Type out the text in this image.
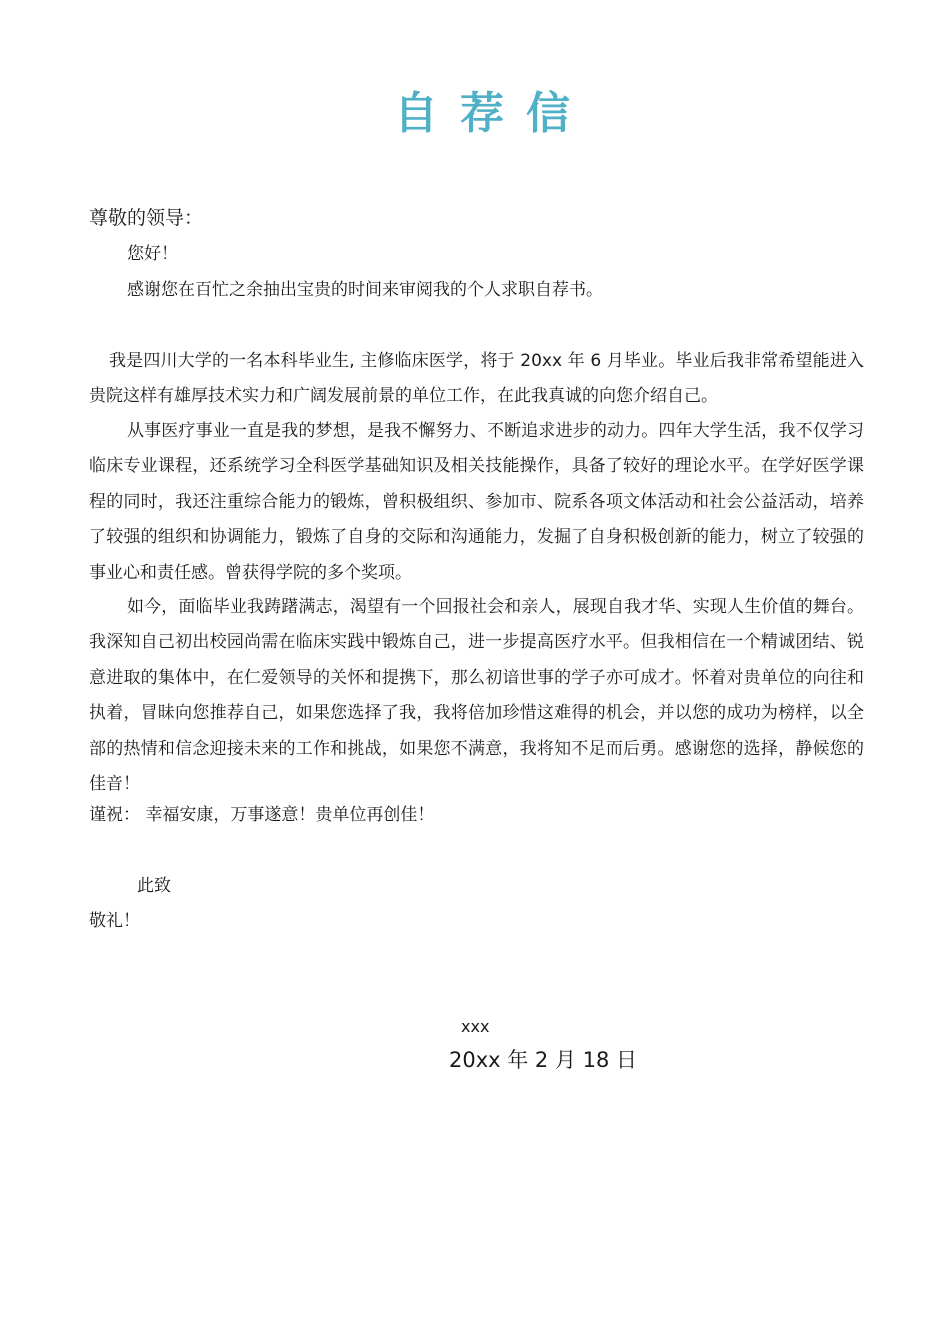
自荐信
尊敬的领导：
您好！
感谢您在百忙之余抽出宝贵的时间来审阅我的个人求职自荐书。
我是四川大学的一名本科毕业生, 主修临床医学，将于 20xx 年 6 月毕业。毕业后我非常希望能进入贵院这样有雄厚技术实力和广阔发展前景的单位工作，在此我真诚的向您介绍自己。
从事医疗事业一直是我的梦想，是我不懈努力、不断追求进步的动力。四年大学生活，我不仅学习临床专业课程，还系统学习全科医学基础知识及相关技能操作，具备了较好的理论水平。在学好医学课程的同时，我还注重综合能力的锻炼，曾积极组织、参加市、院系各项文体活动和社会公益活动，培养了较强的组织和协调能力，锻炼了自身的交际和沟通能力，发掘了自身积极创新的能力，树立了较强的事业心和责任感。曾获得学院的多个奖项。
如今，面临毕业我踌躇满志，渴望有一个回报社会和亲人，展现自我才华、实现人生价值的舞台。我深知自己初出校园尚需在临床实践中锻炼自己，进一步提高医疗水平。但我相信在一个精诚团结、锐意进取的集体中，在仁爱领导的关怀和提携下，那么初谙世事的学子亦可成才。怀着对贵单位的向往和执着，冒昧向您推荐自己，如果您选择了我，我将倍加珍惜这难得的机会，并以您的成功为榜样，以全部的热情和信念迎接未来的工作和挑战，如果您不满意，我将知不足而后勇。感谢您的选择，静候您的佳音！
谨祝： 幸福安康，万事遂意！贵单位再创佳！
此致
敬礼！
xxx
20xx 年 2 月 18 日
